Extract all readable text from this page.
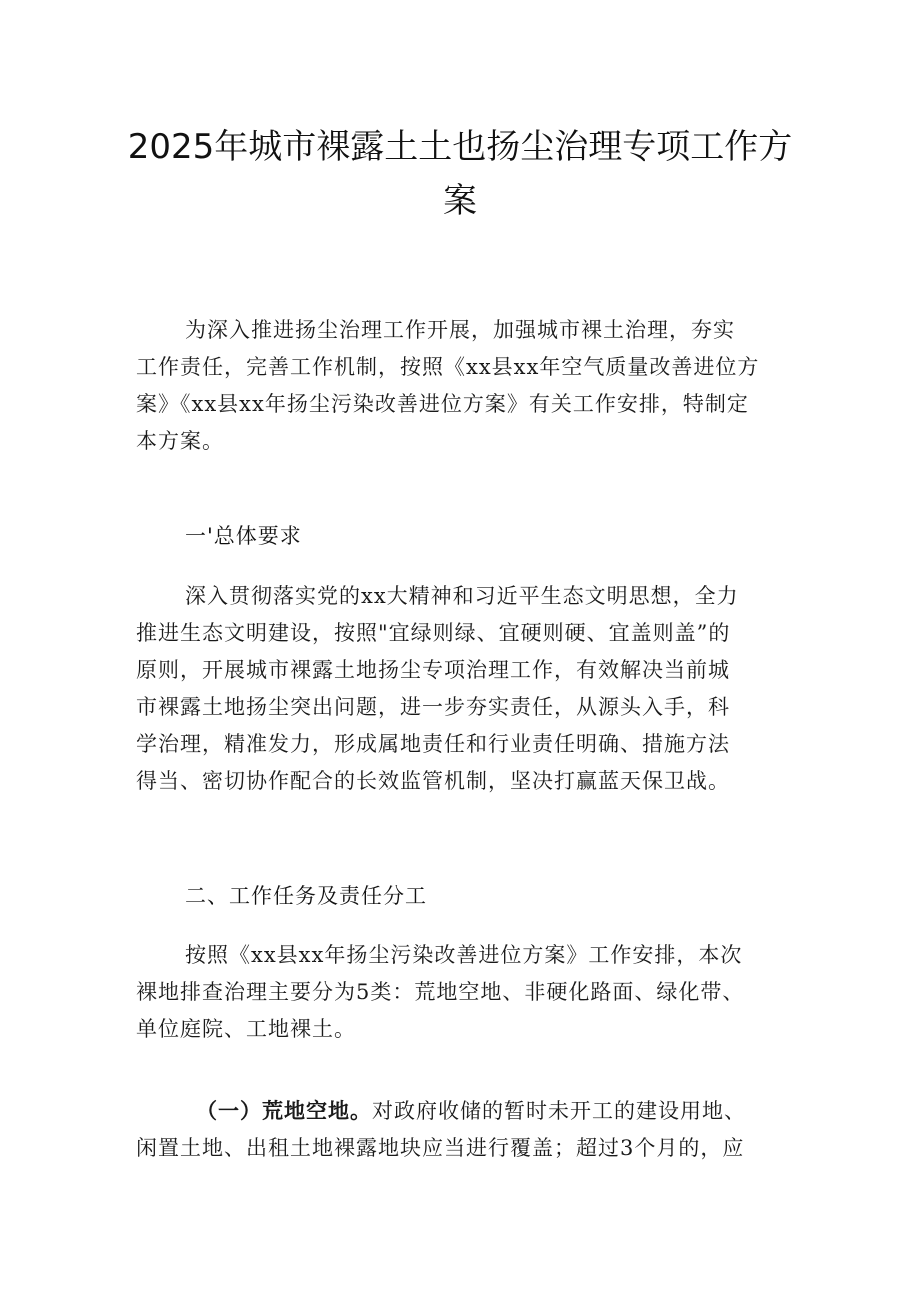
2025年城市裸露土土也扬尘治理专项工作方
案
为深入推进扬尘治理工作开展，加强城市裸土治理，夯实
工作责任，完善工作机制，按照《xx县xx年空气质量改善进位方
案》《xx县xx年扬尘污染改善进位方案》有关工作安排，特制定
本方案。
一'总体要求
深入贯彻落实党的xx大精神和习近平生态文明思想，全力
推进生态文明建设，按照"宜绿则绿、宜硬则硬、宜盖则盖”的
原则，开展城市裸露土地扬尘专项治理工作，有效解决当前城
市裸露土地扬尘突出问题，进一步夯实责任，从源头入手，科
学治理，精准发力，形成属地责任和行业责任明确、措施方法
得当、密切协作配合的长效监管机制，坚决打赢蓝天保卫战。
二、工作任务及责任分工
按照《xx县xx年扬尘污染改善进位方案》工作安排，本次
裸地排查治理主要分为5类：荒地空地、非硬化路面、绿化带、
单位庭院、工地裸土。
（一）荒地空地。对政府收储的暂时未开工的建设用地、
闲置土地、出租土地裸露地块应当进行覆盖；超过3个月的，应
